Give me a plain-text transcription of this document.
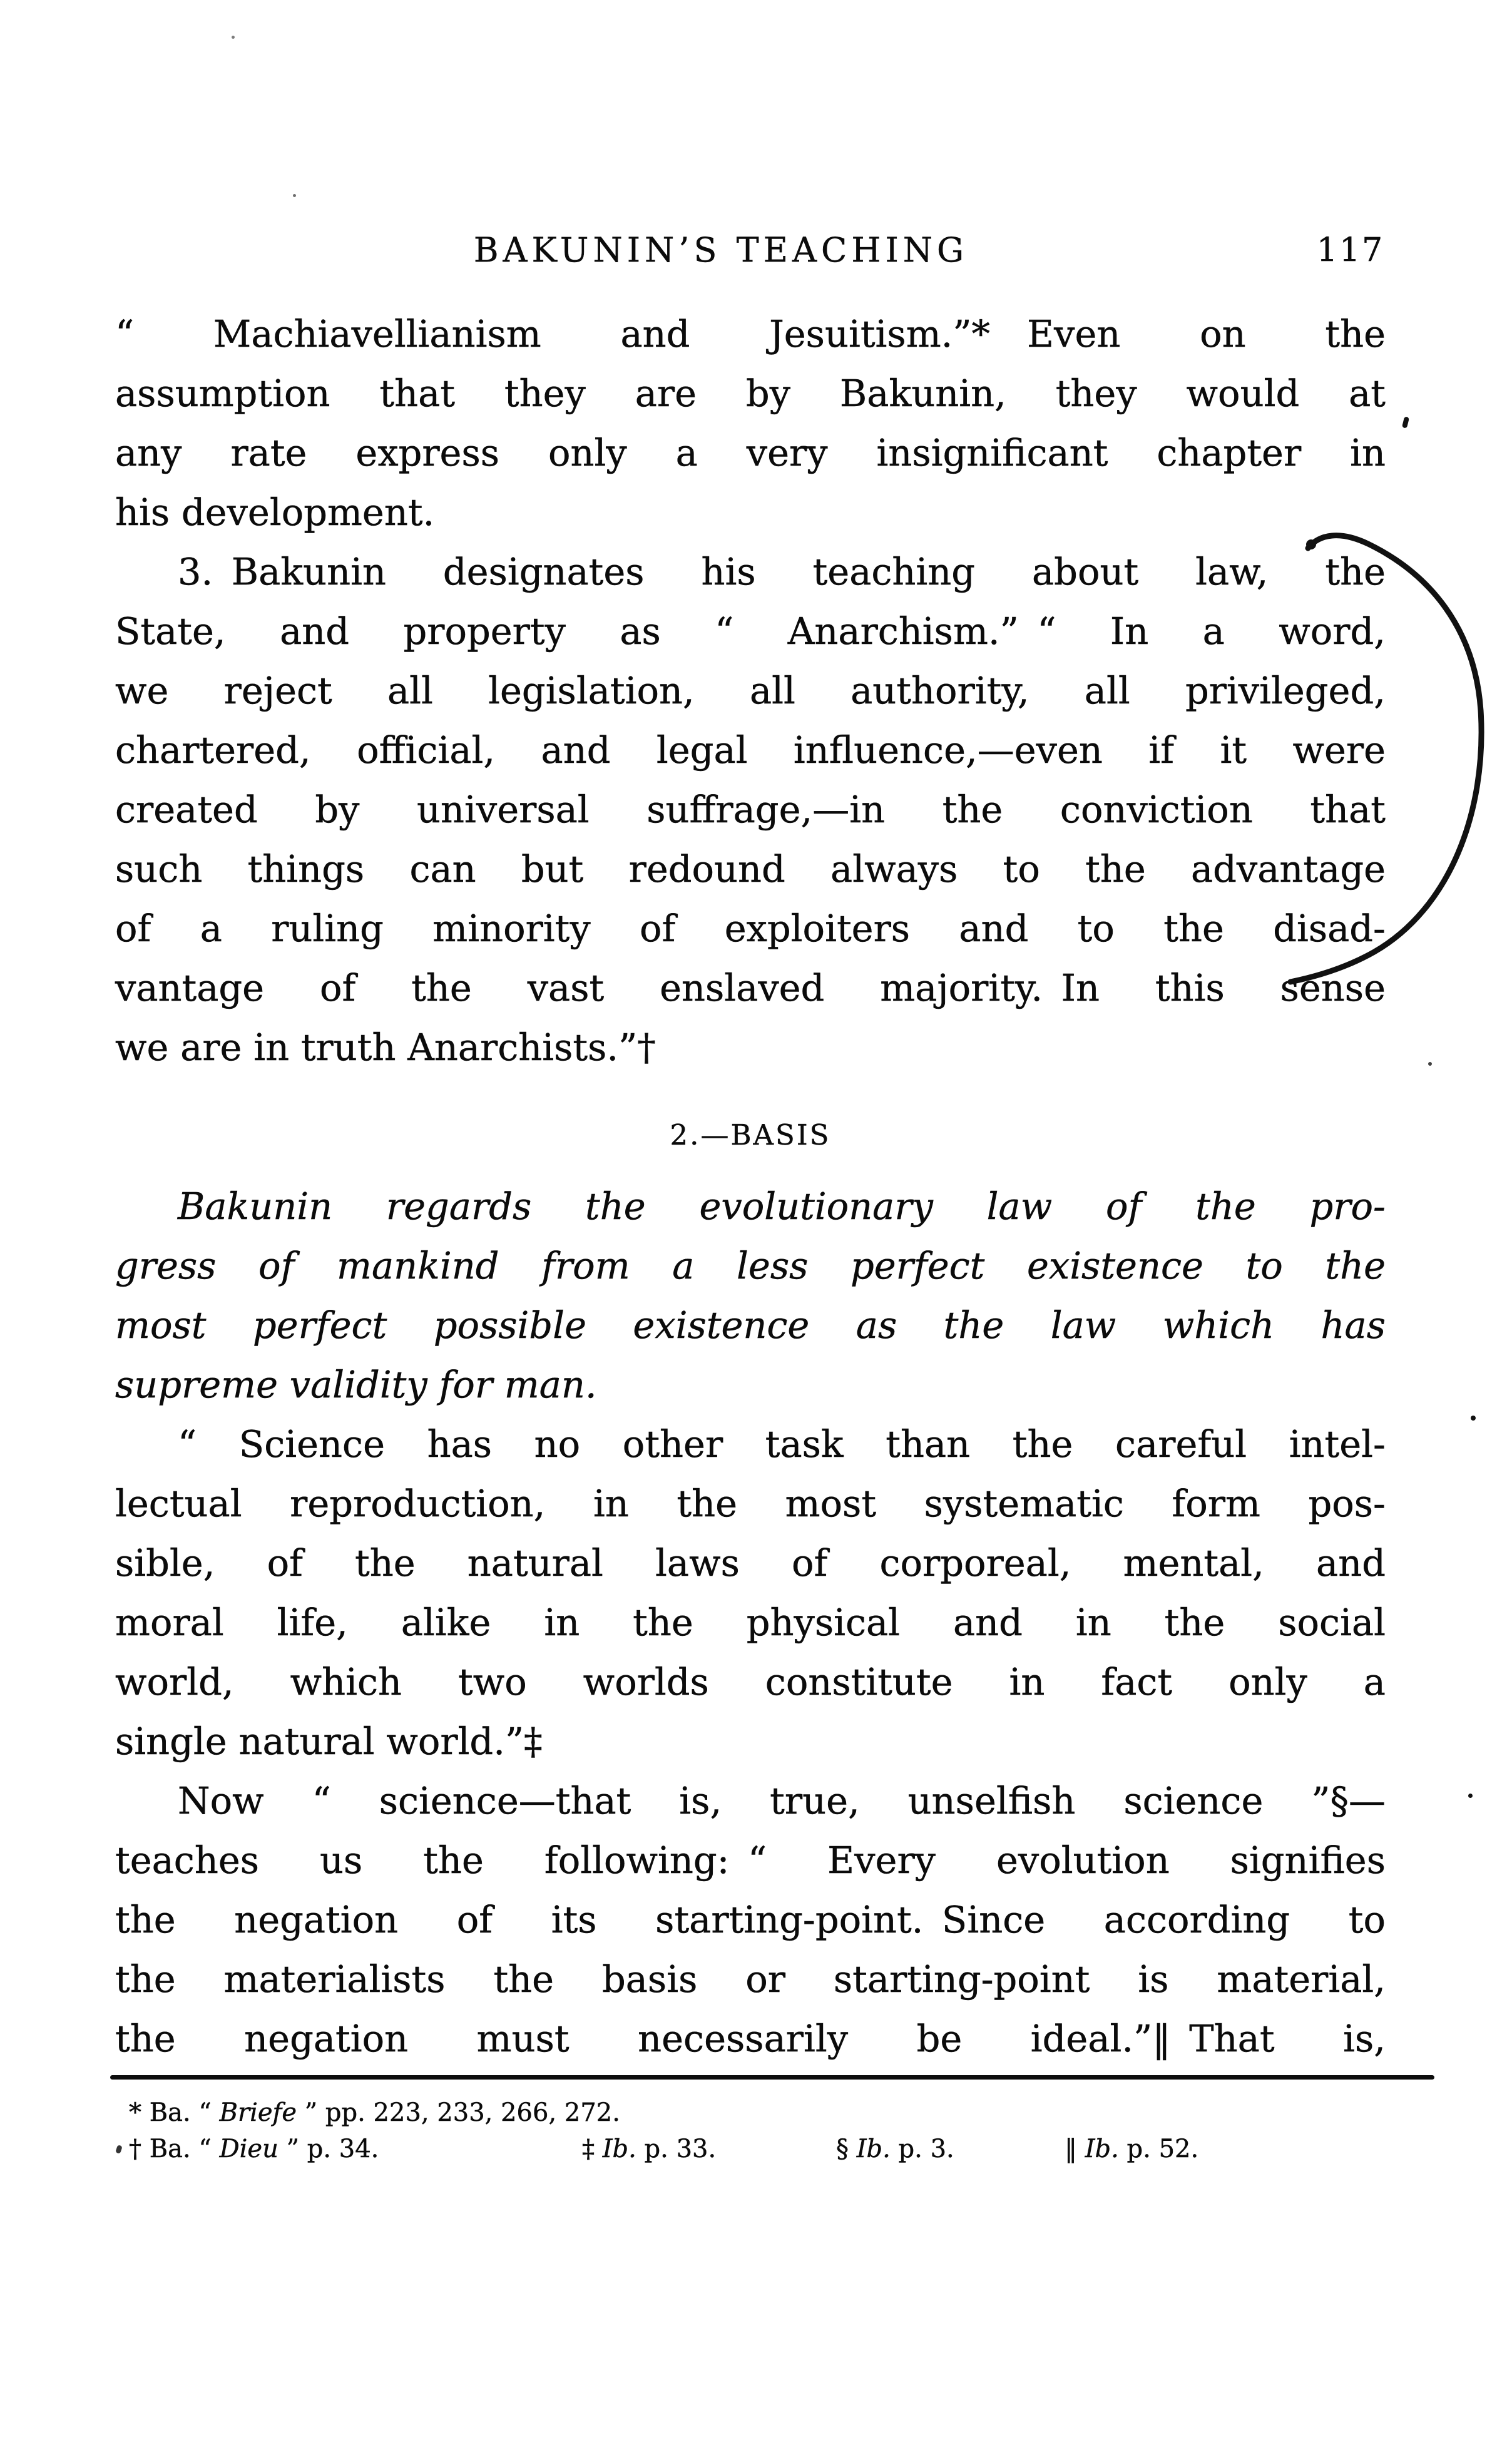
BAKUNIN’S TEACHING	117
“ Machiavellianism and Jesuitism.”*  Even on the
assumption that they are by Bakunin, they would at
any rate express only a very insignificant chapter in
his development.
3. Bakunin designates his teaching about law, the
State, and property as “ Anarchism.” “ In a word,
we reject all legislation, all authority, all privileged,
chartered, official, and legal influence,—even if it were
created by universal suffrage,—in the conviction that
such things can but redound always to the advantage
of a ruling minority of exploiters and to the disad-
vantage of the vast enslaved majority. In this sense
we are in truth Anarchists.”†
2.—BASIS
Bakunin regards the evolutionary law of the pro-
gress of mankind from a less perfect existence to the
most perfect possible existence as the law which has
supreme validity for man.
“ Science has no other task than the careful intel-
lectual reproduction, in the most systematic form pos-
sible, of the natural laws of corporeal, mental, and
moral life, alike in the physical and in the social
world, which two worlds constitute in fact only a
single natural world.”‡
Now “ science—that is, true, unselfish science ”§—
teaches us the following: “ Every evolution signifies
the negation of its starting-point. Since according to
the materialists the basis or starting-point is material,
the negation must necessarily be ideal.”‖ That is,
* Ba. “ Briefe ” pp. 223, 233, 266, 272.
† Ba. “ Dieu ” p. 34.	‡ Ib. p. 33.	§ Ib. p. 3.	‖ Ib. p. 52.
